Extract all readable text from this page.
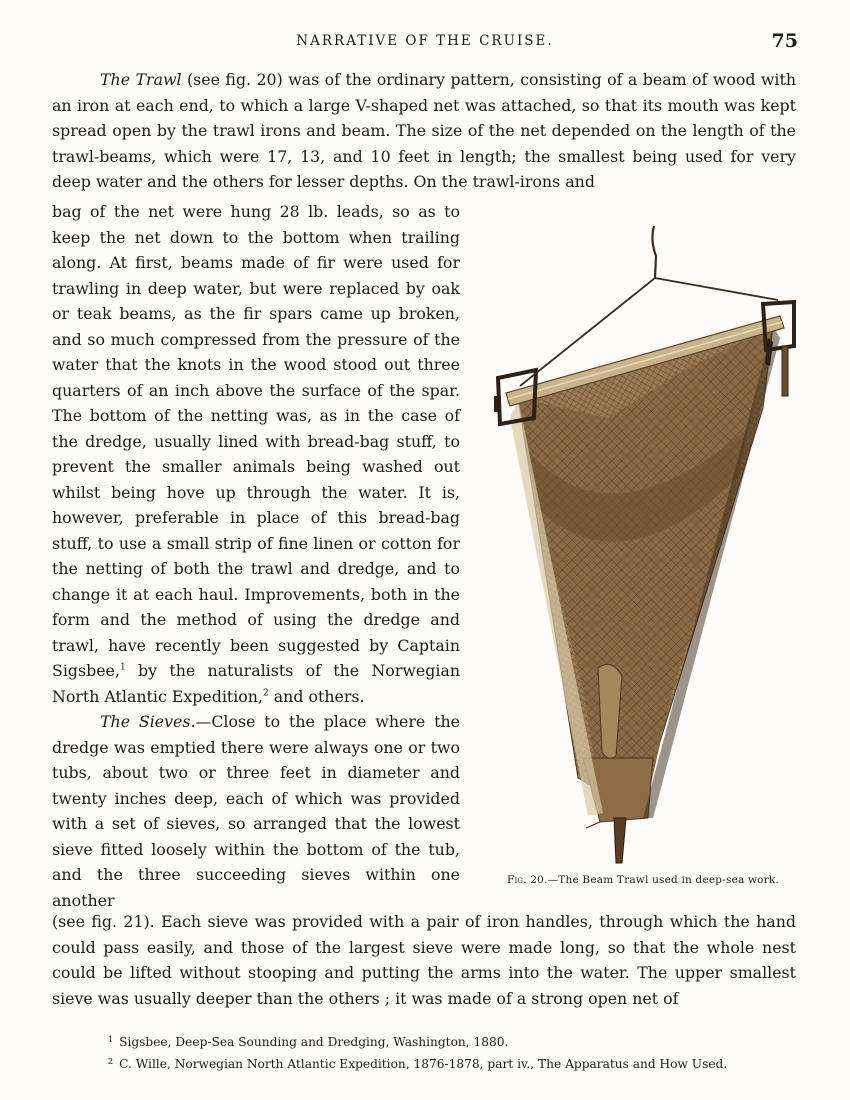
NARRATIVE OF THE CRUISE.	75

The Trawl (see fig. 20) was of the ordinary pattern, consisting of a beam of wood with an iron at each end, to which a large V-shaped net was attached, so that its mouth was kept spread open by the trawl irons and beam. The size of the net depended on the length of the trawl-beams, which were 17, 13, and 10 feet in length; the smallest being used for very deep water and the others for lesser depths. On the trawl-irons and

bag of the net were hung 28 lb. leads, so as to keep the net down to the bottom when trailing along. At first, beams made of fir were used for trawling in deep water, but were replaced by oak or teak beams, as the fir spars came up broken, and so much compressed from the pressure of the water that the knots in the wood stood out three quarters of an inch above the surface of the spar. The bottom of the netting was, as in the case of the dredge, usually lined with bread-bag stuff, to prevent the smaller animals being washed out whilst being hove up through the water. It is, however, preferable in place of this bread-bag stuff, to use a small strip of fine linen or cotton for the netting of both the trawl and dredge, and to change it at each haul. Improvements, both in the form and the method of using the dredge and trawl, have recently been suggested by Captain Sigsbee,$^1$ by the naturalists of the Norwegian North Atlantic Expedition,$^2$ and others.

The Sieves.—Close to the place where the dredge was emptied there were always one or two tubs, about two or three feet in diameter and twenty inches deep, each of which was provided with a set of sieves, so arranged that the lowest sieve fitted loosely within the bottom of the tub, and the three succeeding sieves within one another

(see fig. 21). Each sieve was provided with a pair of iron handles, through which the hand could pass easily, and those of the largest sieve were made long, so that the whole nest could be lifted without stooping and putting the arms into the water. The upper smallest sieve was usually deeper than the others ; it was made of a strong open net of

Fig. 20.—The Beam Trawl used in deep-sea work.
$^1$ Sigsbee, Deep-Sea Sounding and Dredging, Washington, 1880.
$^2$ C. Wille, Norwegian North Atlantic Expedition, 1876-1878, part iv., The Apparatus and How Used.
